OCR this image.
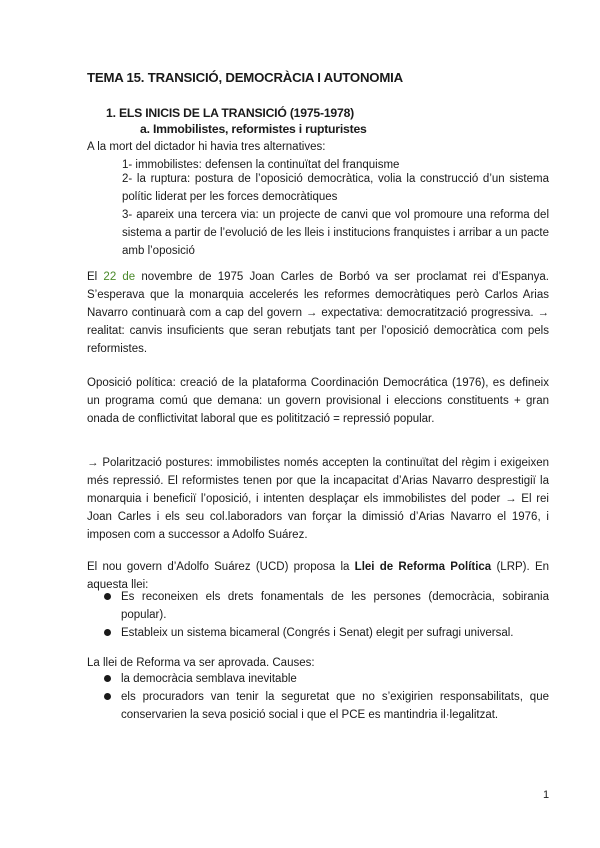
TEMA 15. TRANSICIÓ, DEMOCRÀCIA I AUTONOMIA
1. ELS INICIS DE LA TRANSICIÓ (1975-1978)
a. Immobilistes, reformistes i rupturistes
A la mort del dictador hi havia tres alternatives:
1- immobilistes: defensen la continuïtat del franquisme
2- la ruptura: postura de l’oposició democràtica, volia la construcció d’un sistema polític liderat per les forces democràtiques
3- apareix una tercera via: un projecte de canvi que vol promoure una reforma del sistema a partir de l’evolució de les lleis i institucions franquistes i arribar a un pacte amb l’oposició
El 22 de novembre de 1975 Joan Carles de Borbó va ser proclamat rei d’Espanya. S’esperava que la monarquia accelerés les reformes democràtiques però Carlos Arias Navarro continuarà com a cap del govern → expectativa: democratització progressiva. → realitat: canvis insuficients que seran rebutjats tant per l’oposició democràtica com pels reformistes.
Oposició política: creació de la plataforma Coordinación Democrática (1976), es defineix un programa comú que demana: un govern provisional i eleccions constituents + gran onada de conflictivitat laboral que es politització = repressió popular.
→ Polarització postures: immobilistes només accepten la continuïtat del règim i exigeixen més repressió. El reformistes tenen por que la incapacitat d’Arias Navarro desprestigiï la monarquia i beneficiï l’oposició, i intenten desplaçar els immobilistes del poder → El rei Joan Carles i els seu col.laboradors van forçar la dimissió d’Arias Navarro el 1976, i imposen com a successor a Adolfo Suárez.
El nou govern d’Adolfo Suárez (UCD) proposa la Llei de Reforma Política (LRP). En aquesta llei:
Es reconeixen els drets fonamentals de les persones (democràcia, sobirania popular).
Estableix un sistema bicameral (Congrés i Senat) elegit per sufragi universal.
La llei de Reforma va ser aprovada. Causes:
la democràcia semblava inevitable
els procuradors van tenir la seguretat que no s’exigirien responsabilitats, que conservarien la seva posició social i que el PCE es mantindria il·legalitzat.
1
